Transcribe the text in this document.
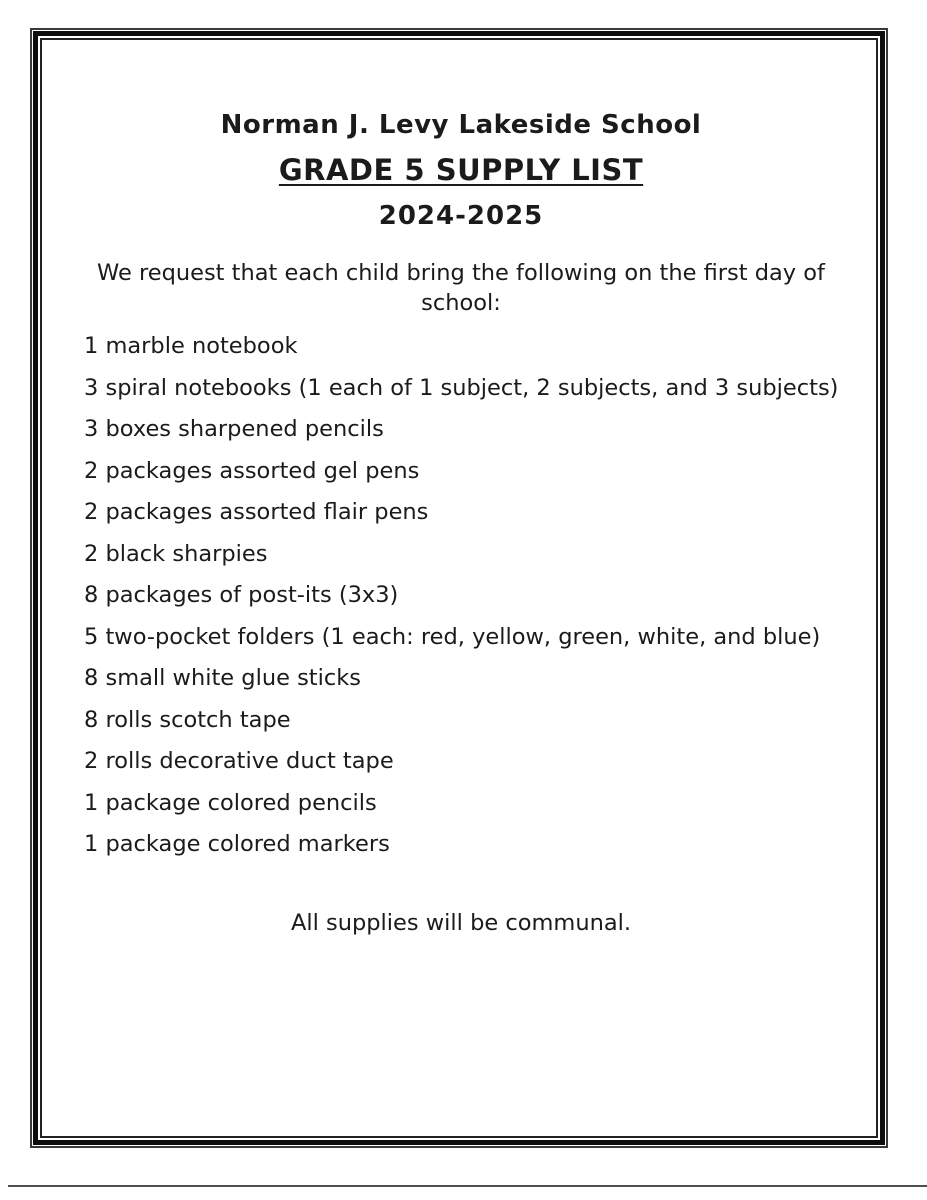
Norman J. Levy Lakeside School
GRADE 5 SUPPLY LIST
2024-2025
We request that each child bring the following on the first day of
school:
1 marble notebook
3 spiral notebooks (1 each of 1 subject, 2 subjects, and 3 subjects)
3 boxes sharpened pencils
2 packages assorted gel pens
2 packages assorted flair pens
2 black sharpies
8 packages of post-its (3x3)
5 two-pocket folders (1 each: red, yellow, green, white, and blue)
8 small white glue sticks
8 rolls scotch tape
2 rolls decorative duct tape
1 package colored pencils
1 package colored markers
All supplies will be communal.
